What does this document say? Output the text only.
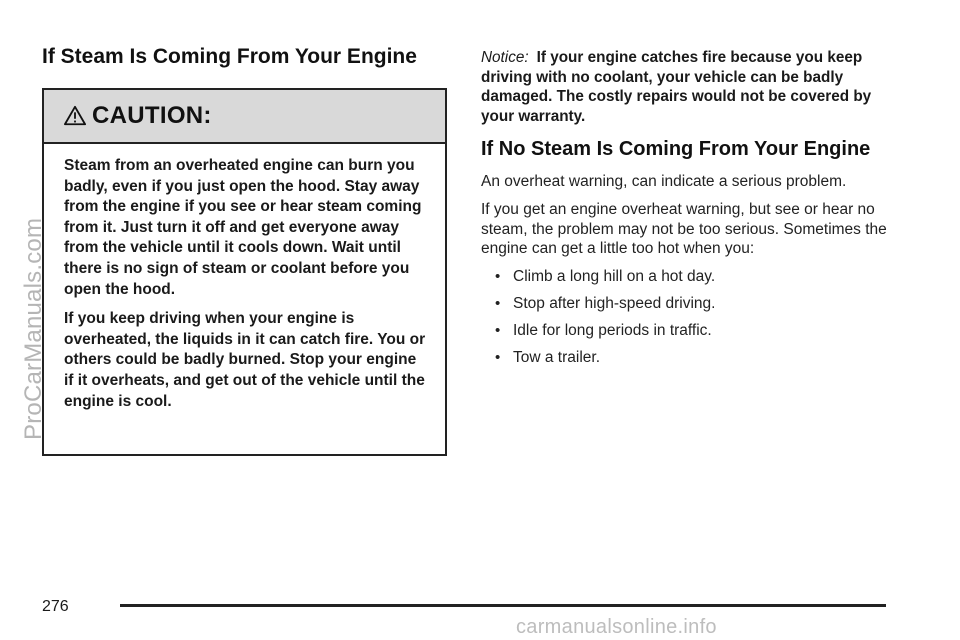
If Steam Is Coming From Your Engine
CAUTION:

Steam from an overheated engine can burn you badly, even if you just open the hood. Stay away from the engine if you see or hear steam coming from it. Just turn it off and get everyone away from the vehicle until it cools down. Wait until there is no sign of steam or coolant before you open the hood.

If you keep driving when your engine is overheated, the liquids in it can catch fire. You or others could be badly burned. Stop your engine if it overheats, and get out of the vehicle until the engine is cool.

Notice: If your engine catches fire because you keep driving with no coolant, your vehicle can be badly damaged. The costly repairs would not be covered by your warranty.

If No Steam Is Coming From Your Engine

An overheat warning, can indicate a serious problem.

If you get an engine overheat warning, but see or hear no steam, the problem may not be too serious. Sometimes the engine can get a little too hot when you:

• Climb a long hill on a hot day.
• Stop after high-speed driving.
• Idle for long periods in traffic.
• Tow a trailer.
ProCarManuals.com
276
carmanualsonline.info
